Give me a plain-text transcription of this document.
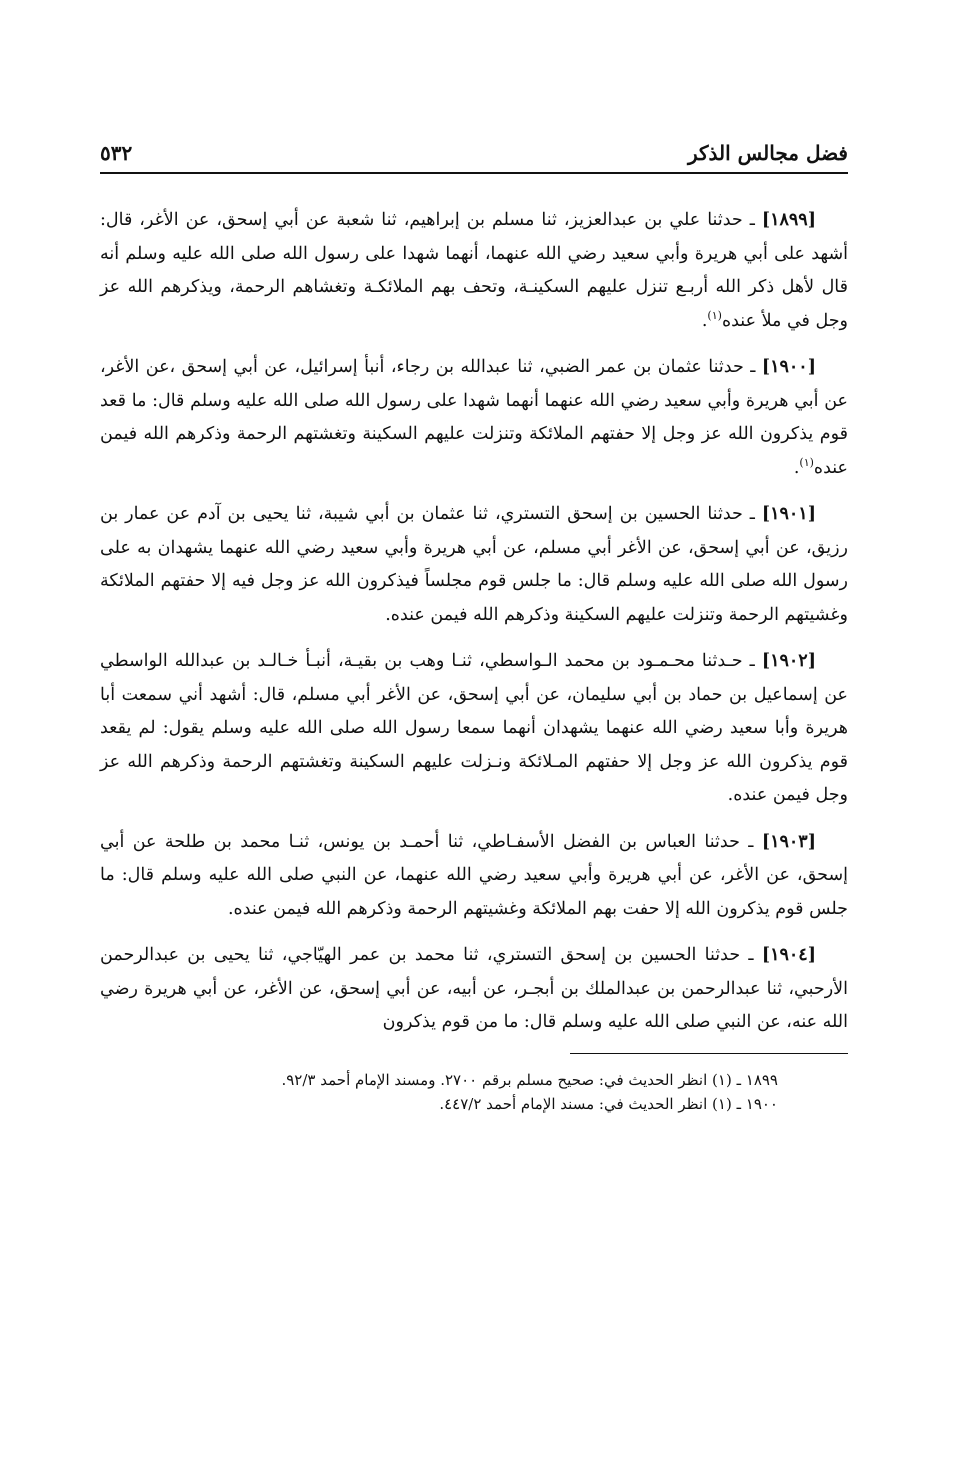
فضل مجالس الذكر
٥٣٢

[١٨٩٩] ـ حدثنا علي بن عبدالعزيز، ثنا مسلم بن إبراهيم، ثنا شعبة عن أبي إسحق، عن الأغر، قال: أشهد على أبي هريرة وأبي سعيد رضي الله عنهما، أنهما شهدا على رسول الله صلى الله عليه وسلم أنه قال لأهل ذكر الله أربـع تنزل عليهم السكينـة، وتحف بهم الملائكـة وتغشاهم الرحمة، ويذكرهم الله عز وجل في ملأ عنده$^{(١)}$.

[١٩٠٠] ـ حدثنا عثمان بن عمر الضبي، ثنا عبدالله بن رجاء، أنبأ إسرائيل، عن أبي إسحق ،عن الأغر، عن أبي هريرة وأبي سعيد رضي الله عنهما أنهما شهدا على رسول الله صلى الله عليه وسلم قال: ما قعد قوم يذكرون الله عز وجل إلا حفتهم الملائكة وتنزلت عليهم السكينة وتغشتهم الرحمة وذكرهم الله فيمن عنده$^{(١)}$.

[١٩٠١] ـ حدثنا الحسين بن إسحق التستري، ثنا عثمان بن أبي شيبة، ثنا يحيى بن آدم عن عمار بن رزيق، عن أبي إسحق، عن الأغر أبي مسلم، عن أبي هريرة وأبي سعيد رضي الله عنهما يشهدان به على رسول الله صلى الله عليه وسلم قال: ما جلس قوم مجلساً فيذكرون الله عز وجل فيه إلا حفتهم الملائكة وغشيتهم الرحمة وتنزلت عليهم السكينة وذكرهم الله فيمن عنده.

[١٩٠٢] ـ حـدثنا محـمـود بن محمد الـواسطي، ثنـا وهب بن بقيـة، أنبـأ خـالـد بن عبدالله الواسطي عن إسماعيل بن حماد بن أبي سليمان، عن أبي إسحق، عن الأغر أبي مسلم، قال: أشهد أني سمعت أبا هريرة وأبا سعيد رضي الله عنهما يشهدان أنهما سمعا رسول الله صلى الله عليه وسلم يقول: لم يقعد قوم يذكرون الله عز وجل إلا حفتهم المـلائكة ونـزلت عليهم السكينة وتغشتهم الرحمة وذكرهم الله عز وجل فيمن عنده.

[١٩٠٣] ـ حدثنا العباس بن الفضل الأسفـاطي، ثنا أحمـد بن يونس، ثنـا محمد بن طلحة عن أبي إسحق، عن الأغر، عن أبي هريرة وأبي سعيد رضي الله عنهما، عن النبي صلى الله عليه وسلم قال: ما جلس قوم يذكرون الله إلا حفت بهم الملائكة وغشيتهم الرحمة وذكرهم الله فيمن عنده.

[١٩٠٤] ـ حدثنا الحسين بن إسحق التستري، ثنا محمد بن عمر الهيّاجي، ثنا يحيى بن عبدالرحمن الأرحبي، ثنا عبدالرحمن بن عبدالملك بن أبجـر، عن أبيه، عن أبي إسحق، عن الأغر، عن أبي هريرة رضي الله عنه، عن النبي صلى الله عليه وسلم قال: ما من قوم يذكرون

١٨٩٩ ـ (١) انظر الحديث في: صحيح مسلم برقم ٢٧٠٠. ومسند الإمام أحمد ٩٢/٣.

١٩٠٠ ـ (١) انظر الحديث في: مسند الإمام أحمد ٤٤٧/٢.
